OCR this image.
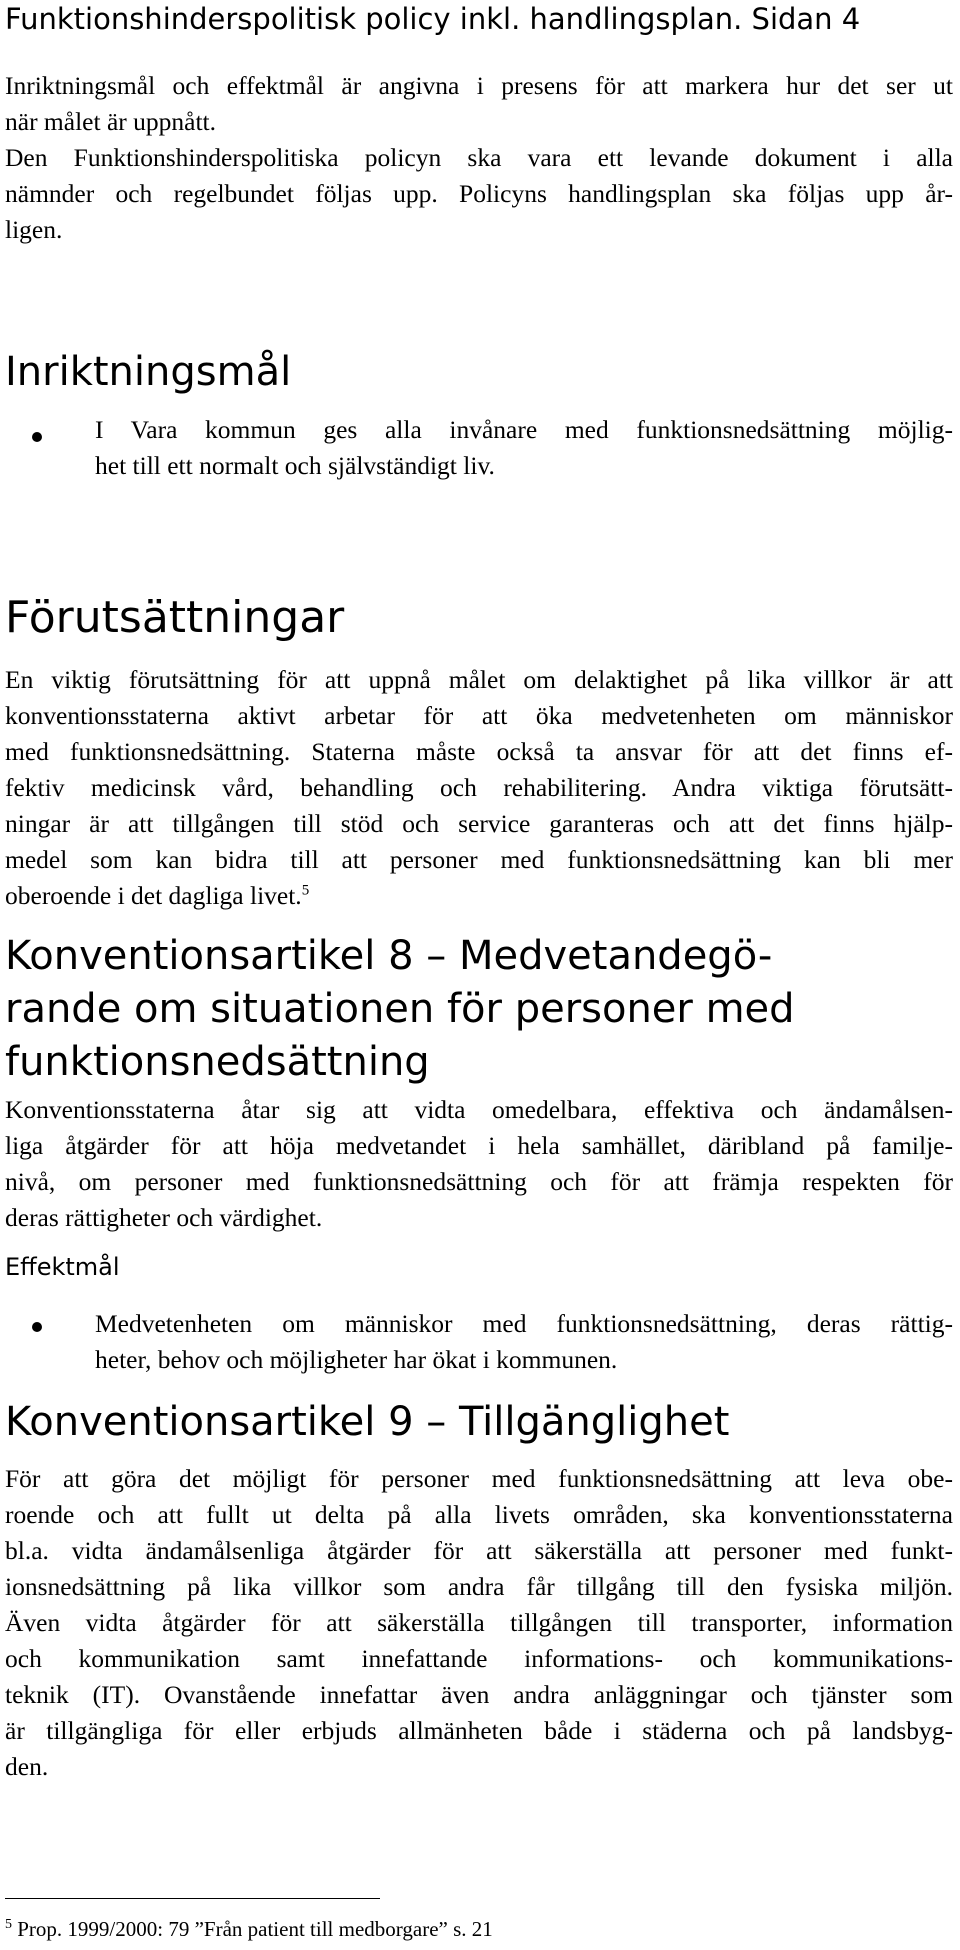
Funktionshinderspolitisk policy inkl. handlingsplan. Sidan 4
Inriktningsmål och effektmål är angivna i presens för att markera hur det ser ut
när målet är uppnått.
Den Funktionshinderspolitiska policyn ska vara ett levande dokument i alla
nämnder och regelbundet följas upp. Policyns handlingsplan ska följas upp år-
ligen.
Inriktningsmål
I Vara kommun ges alla invånare med funktionsnedsättning möjlig-
het till ett normalt och självständigt liv.
Förutsättningar
En viktig förutsättning för att uppnå målet om delaktighet på lika villkor är att
konventionsstaterna aktivt arbetar för att öka medvetenheten om människor
med funktionsnedsättning. Staterna måste också ta ansvar för att det finns ef-
fektiv medicinsk vård, behandling och rehabilitering. Andra viktiga förutsätt-
ningar är att tillgången till stöd och service garanteras och att det finns hjälp-
medel som kan bidra till att personer med funktionsnedsättning kan bli mer
oberoende i det dagliga livet.$^5$
Konventionsartikel 8 – Medvetandegö-
rande om situationen för personer med
funktionsnedsättning
Konventionsstaterna åtar sig att vidta omedelbara, effektiva och ändamålsen-
liga åtgärder för att höja medvetandet i hela samhället, däribland på familje-
nivå, om personer med funktionsnedsättning och för att främja respekten för
deras rättigheter och värdighet.
Effektmål
Medvetenheten om människor med funktionsnedsättning, deras rättig-
heter, behov och möjligheter har ökat i kommunen.
Konventionsartikel 9 – Tillgänglighet
För att göra det möjligt för personer med funktionsnedsättning att leva obe-
roende och att fullt ut delta på alla livets områden, ska konventionsstaterna
bl.a. vidta ändamålsenliga åtgärder för att säkerställa att personer med funkt-
ionsnedsättning på lika villkor som andra får tillgång till den fysiska miljön.
Även vidta åtgärder för att säkerställa tillgången till transporter, information
och kommunikation samt innefattande informations- och kommunikations-
teknik (IT). Ovanstående innefattar även andra anläggningar och tjänster som
är tillgängliga för eller erbjuds allmänheten både i städerna och på landsbyg-
den.
$^5$ Prop. 1999/2000: 79 ”Från patient till medborgare” s. 21
